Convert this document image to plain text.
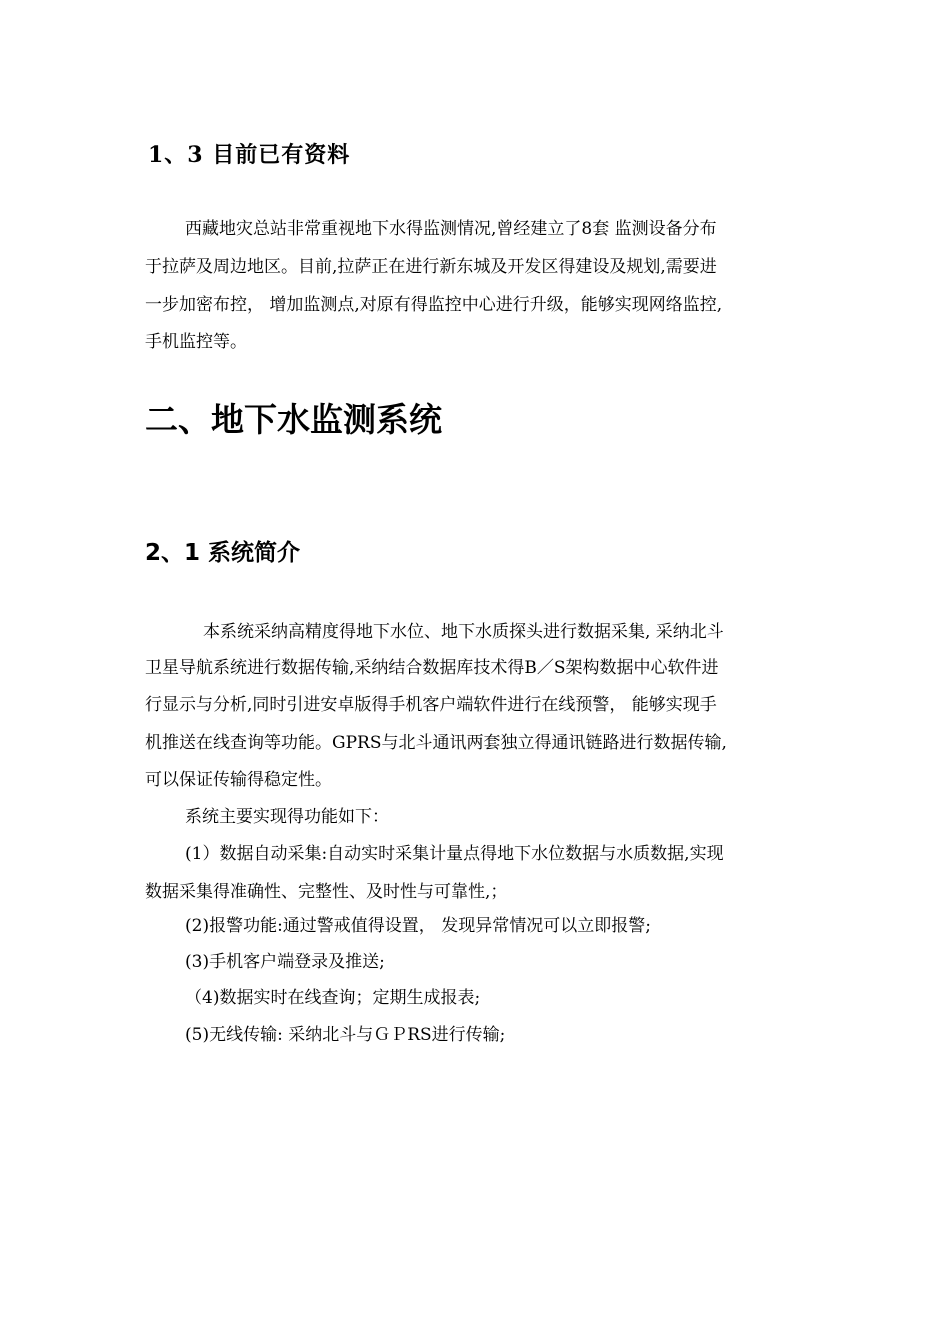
1、3 目前已有资料
西藏地灾总站非常重视地下水得监测情况,曾经建立了8套 监测设备分布
于拉萨及周边地区。目前,拉萨正在进行新东城及开发区得建设及规划,需要进
一步加密布控， 增加监测点,对原有得监控中心进行升级，能够实现网络监控,
手机监控等。
二、地下水监测系统
2、1 系统简介
本系统采纳高精度得地下水位、地下水质探头进行数据采集, 采纳北斗
卫星导航系统进行数据传输,采纳结合数据库技术得B／S架构数据中心软件进
行显示与分析,同时引进安卓版得手机客户端软件进行在线预警， 能够实现手
机推送在线查询等功能。GPRS与北斗通讯两套独立得通讯链路进行数据传输,
可以保证传输得稳定性。
系统主要实现得功能如下：
(1）数据自动采集:自动实时采集计量点得地下水位数据与水质数据,实现
数据采集得准确性、完整性、及时性与可靠性,；
(2)报警功能:通过警戒值得设置， 发现异常情况可以立即报警;
(3)手机客户端登录及推送;
（4)数据实时在线查询；定期生成报表;
(5)无线传输: 采纳北斗与ＧＰRS进行传输;
